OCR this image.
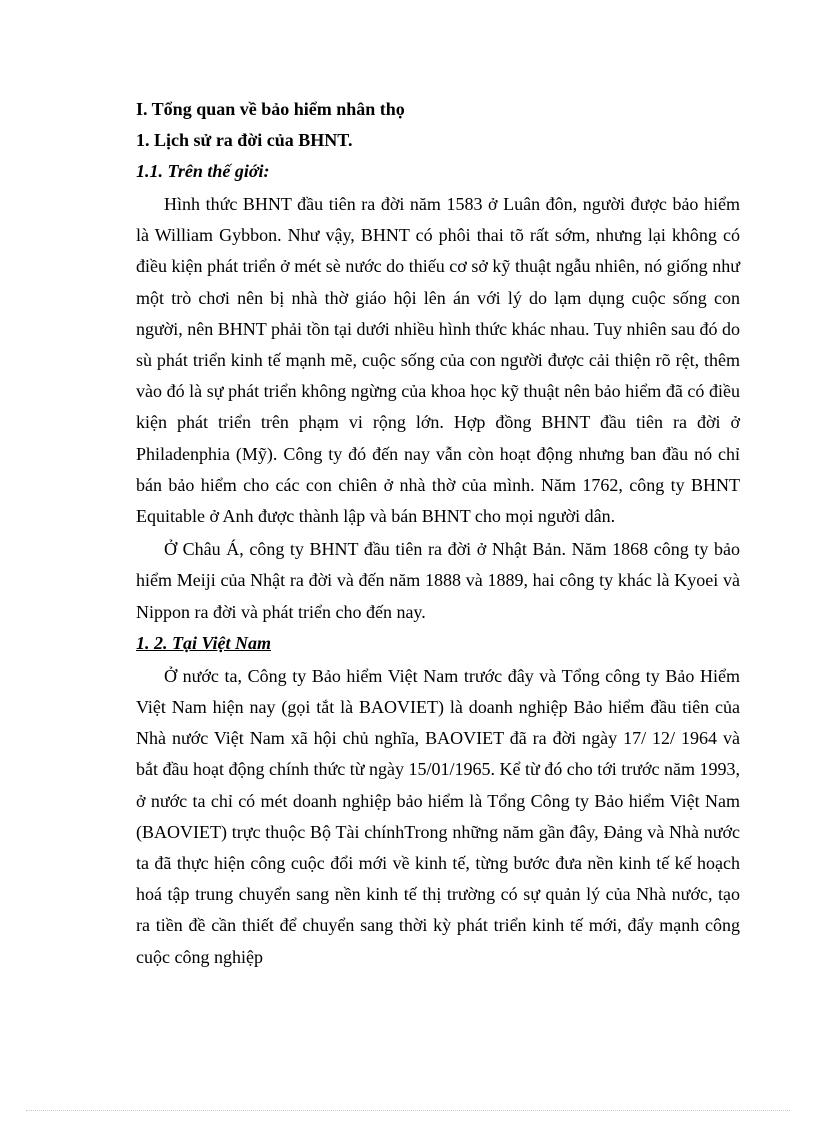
I. Tổng quan về bảo hiểm nhân thọ
1. Lịch sử ra đời của BHNT.
1.1. Trên thế giới:

Hình thức BHNT đầu tiên ra đời năm 1583 ở Luân đôn, người được bảo hiểm là William Gybbon. Như vậy, BHNT có phôi thai tõ rất sớm, nhưng lại không có điều kiện phát triển ở mét sè nước do thiếu cơ sở kỹ thuật ngẫu nhiên, nó giống như một trò chơi nên bị nhà thờ giáo hội lên án với lý do lạm dụng cuộc sống con người, nên BHNT phải tồn tại dưới nhiều hình thức khác nhau. Tuy nhiên sau đó do sù phát triển kinh tế mạnh mẽ, cuộc sống của con người được cải thiện rõ rệt, thêm vào đó là sự phát triển không ngừng của khoa học kỹ thuật nên bảo hiểm đã có điều kiện phát triển trên phạm vi rộng lớn. Hợp đồng BHNT đầu tiên ra đời ở Philadenphia (Mỹ). Công ty đó đến nay vẫn còn hoạt động nhưng ban đầu nó chỉ bán bảo hiểm cho các con chiên ở nhà thờ của mình. Năm 1762, công ty BHNT Equitable ở Anh được thành lập và bán BHNT cho mọi người dân.

Ở Châu Á, công ty BHNT đầu tiên ra đời ở Nhật Bản. Năm 1868 công ty bảo hiểm Meiji của Nhật ra đời và đến năm 1888 và 1889, hai công ty khác là Kyoei và Nippon ra đời và phát triển cho đến nay.

1. 2. Tại Việt Nam

Ở nước ta, Công ty Bảo hiểm Việt Nam trước đây và Tổng công ty Bảo Hiểm Việt Nam hiện nay (gọi tắt là BAOVIET) là doanh nghiệp Bảo hiểm đầu tiên của Nhà nước Việt Nam xã hội chủ nghĩa, BAOVIET đã ra đời ngày 17/ 12/ 1964 và bắt đầu hoạt động chính thức từ ngày 15/01/1965. Kể từ đó cho tới trước năm 1993, ở nước ta chỉ có mét doanh nghiệp bảo hiểm là Tổng Công ty Bảo hiểm Việt Nam (BAOVIET) trực thuộc Bộ Tài chínhTrong những năm gần đây, Đảng và Nhà nước ta đã thực hiện công cuộc đổi mới về kinh tế, từng bước đưa nền kinh tế kế hoạch hoá tập trung chuyển sang nền kinh tế thị trường có sự quản lý của Nhà nước, tạo ra tiền đề cần thiết để chuyển sang thời kỳ phát triển kinh tế mới, đẩy mạnh công cuộc công nghiệp
